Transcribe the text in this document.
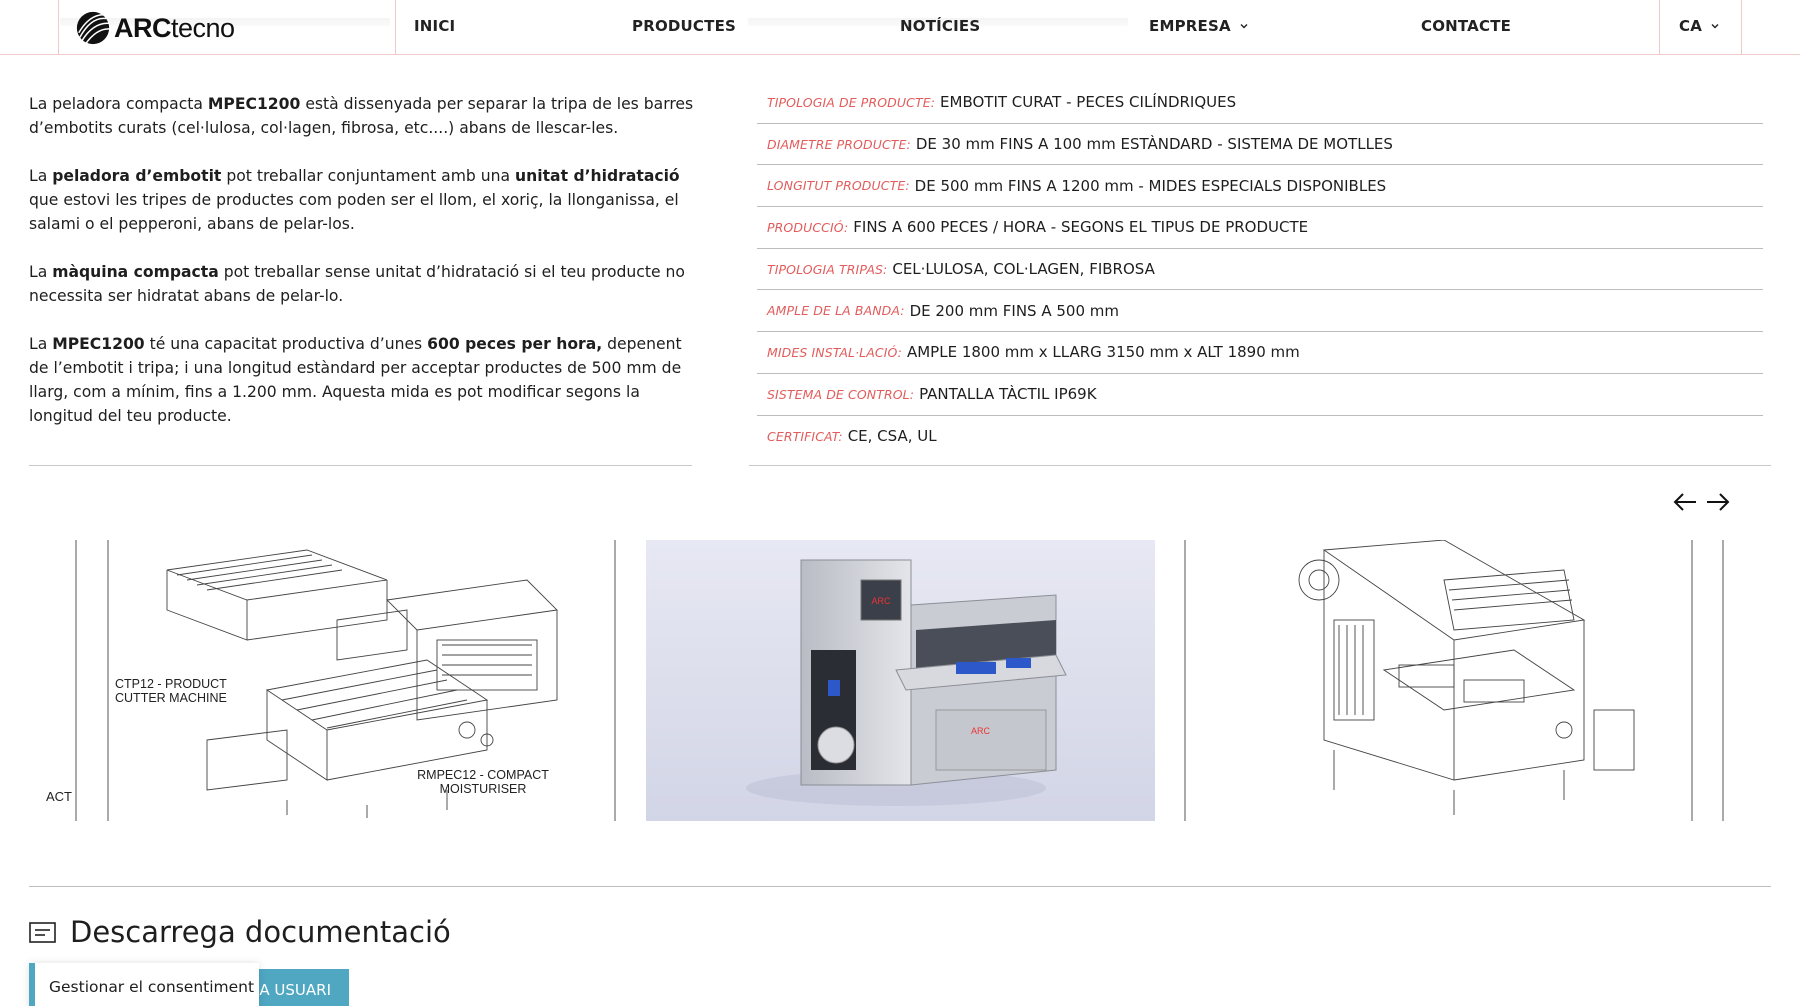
ARCtecno	INICI	PRODUCTES	NOTÍCIES	EMPRESA	CONTACTE	CA

La peladora compacta MPEC1200 està dissenyada per separar la tripa de les barres d’embotits curats (cel·lulosa, col·lagen, fibrosa, etc....) abans de llescar-les.

La peladora d’embotit pot treballar conjuntament amb una unitat d’hidratació que estovi les tripes de productes com poden ser el llom, el xoriç, la llonganissa, el salami o el pepperoni, abans de pelar-los.

La màquina compacta pot treballar sense unitat d’hidratació si el teu producte no necessita ser hidratat abans de pelar-lo.

La MPEC1200 té una capacitat productiva d’unes 600 peces per hora, depenent de l’embotit i tripa; i una longitud estàndard per acceptar productes de 500 mm de llarg, com a mínim, fins a 1.200 mm. Aquesta mida es pot modificar segons la longitud del teu producte.

TIPOLOGIA DE PRODUCTE: EMBOTIT CURAT - PECES CILÍNDRIQUES
DIAMETRE PRODUCTE: DE 30 mm FINS A 100 mm ESTÀNDARD - SISTEMA DE MOTLLES
LONGITUT PRODUCTE: DE 500 mm FINS A 1200 mm - MIDES ESPECIALS DISPONIBLES
PRODUCCIÓ: FINS A 600 PECES / HORA - SEGONS EL TIPUS DE PRODUCTE
TIPOLOGIA TRIPAS: CEL·LULOSA, COL·LAGEN, FIBROSA
AMPLE DE LA BANDA: DE 200 mm FINS A 500 mm
MIDES INSTAL·LACIÓ: AMPLE 1800 mm x LLARG 3150 mm x ALT 1890 mm
SISTEMA DE CONTROL: PANTALLA TÀCTIL IP69K
CERTIFICAT: CE, CSA, UL
ACT
CTP12 - PRODUCT
CUTTER MACHINE
RMPEC12 - COMPACT
MOISTURISER
ARC
ARC
Descarrega documentació
A USUARI
Gestionar el consentiment
